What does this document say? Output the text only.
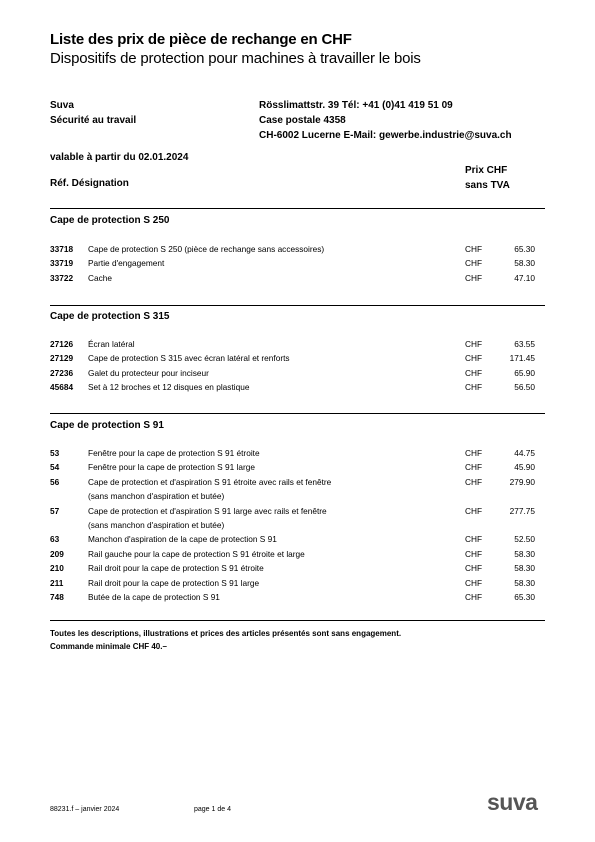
Liste des prix de pièce de rechange en CHF
Dispositifs de protection pour machines à travailler le bois
Suva
Sécurité au travail
Rösslimattstr. 39 Tél: +41 (0)41 419 51 09
Case postale 4358
CH-6002 Lucerne E-Mail: gewerbe.industrie@suva.ch
valable à partir du 02.01.2024
Réf. Désignation
Prix CHF
sans TVA
Cape de protection S 250
33718 Cape de protection S 250 (pièce de rechange sans accessoires)	CHF	65.30
33719 Partie d'engagement	CHF	58.30
33722 Cache	CHF	47.10
Cape de protection S 315
27126 Écran latéral	CHF	63.55
27129 Cape de protection S 315 avec écran latéral et renforts	CHF	171.45
27236 Galet du protecteur pour inciseur	CHF	65.90
45684 Set à 12 broches et 12 disques en plastique	CHF	56.50
Cape de protection S 91
53	Fenêtre pour la cape de protection S 91 étroite	CHF	44.75
54	Fenêtre pour la cape de protection S 91 large	CHF	45.90
56	Cape de protection et d'aspiration S 91 étroite avec rails et fenêtre
(sans manchon d'aspiration et butée)
CHF	279.90
57	Cape de protection et d'aspiration S 91 large avec rails et fenêtre
(sans manchon d'aspiration et butée)
CHF	277.75
63	Manchon d'aspiration de la cape de protection S 91	CHF	52.50
209	Rail gauche pour la cape de protection S 91 étroite et large	CHF	58.30
210	Rail droit pour la cape de protection S 91 étroite	CHF	58.30
211	Rail droit pour la cape de protection S 91 large	CHF	58.30
748	Butée de la cape de protection S 91	CHF	65.30
Toutes les descriptions, illustrations et prices des articles présentés sont sans engagement.
Commande minimale CHF 40.–
88231.f – janvier 2024	page 1 de 4	suva
